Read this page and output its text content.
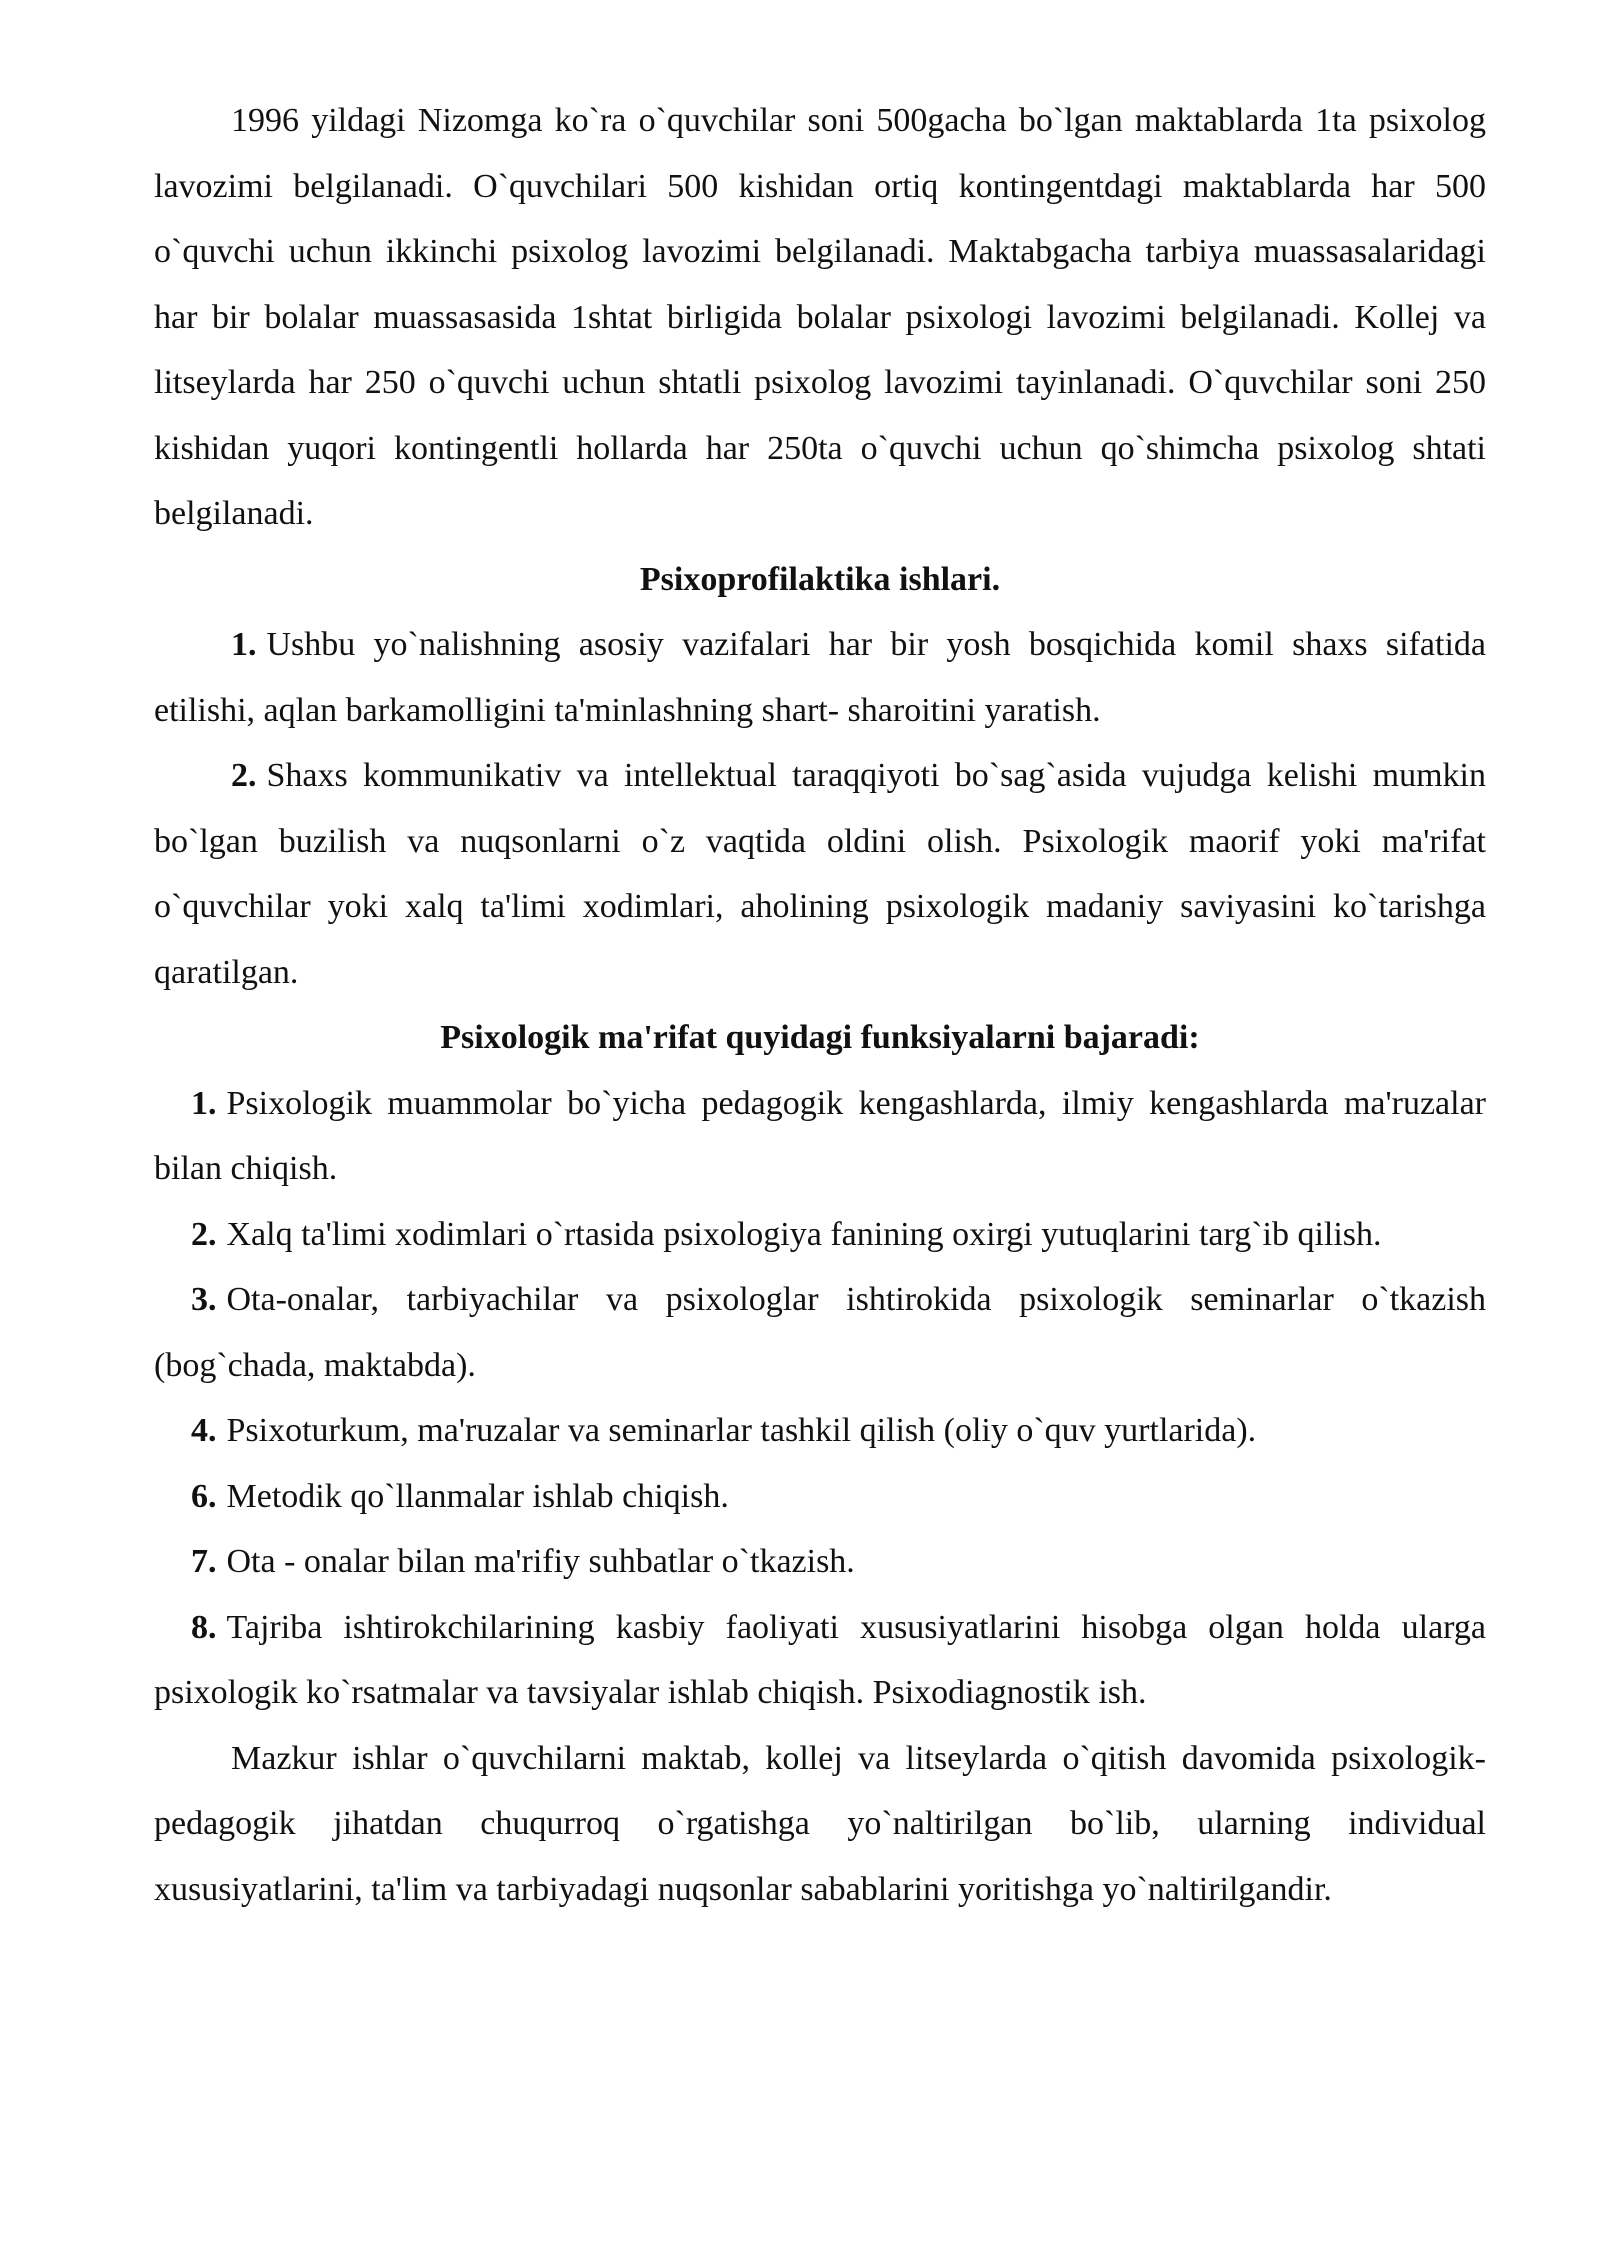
1996 yildagi Nizomga ko`ra o`quvchilar soni 500gacha bo`lgan maktablarda 1ta psixolog lavozimi belgilanadi. O`quvchilari 500 kishidan ortiq kontingentdagi maktablarda har 500 o`quvchi uchun ikkinchi psixolog lavozimi belgilanadi. Maktabgacha tarbiya muassasalaridagi har bir bolalar muassasasida 1shtat birligida bolalar psixologi lavozimi belgilanadi. Kollej va litseylarda har 250 o`quvchi uchun shtatli psixolog lavozimi tayinlanadi. O`quvchilar soni 250 kishidan yuqori kontingentli hollarda har 250ta o`quvchi uchun qo`shimcha psixolog shtati belgilanadi.

Psixoprofilaktika ishlari.

1. Ushbu yo`nalishning asosiy vazifalari har bir yosh bosqichida komil shaxs sifatida etilishi, aqlan barkamolligini ta'minlashning shart- sharoitini yaratish.

2. Shaxs kommunikativ va intellektual taraqqiyoti bo`sag`asida vujudga kelishi mumkin bo`lgan buzilish va nuqsonlarni o`z vaqtida oldini olish. Psixologik maorif yoki ma'rifat o`quvchilar yoki xalq ta'limi xodimlari, aholining psixologik madaniy saviyasini ko`tarishga qaratilgan.

Psixologik ma'rifat quyidagi funksiyalarni bajaradi:

1. Psixologik muammolar bo`yicha pedagogik kengashlarda, ilmiy kengashlarda ma'ruzalar bilan chiqish.

2. Xalq ta'limi xodimlari o`rtasida psixologiya fanining oxirgi yutuqlarini targ`ib qilish.

3. Ota-onalar, tarbiyachilar va psixologlar ishtirokida psixologik seminarlar o`tkazish (bog`chada, maktabda).

4. Psixoturkum, ma'ruzalar va seminarlar tashkil qilish (oliy o`quv yurtlarida).

6. Metodik qo`llanmalar ishlab chiqish.

7. Ota - onalar bilan ma'rifiy suhbatlar o`tkazish.

8. Tajriba ishtirokchilarining kasbiy faoliyati xususiyatlarini hisobga olgan holda ularga psixologik ko`rsatmalar va tavsiyalar ishlab chiqish. Psixodiagnostik ish.

Mazkur ishlar o`quvchilarni maktab, kollej va litseylarda o`qitish davomida psixologik-pedagogik jihatdan chuqurroq o`rgatishga yo`naltirilgan bo`lib, ularning individual xususiyatlarini, ta'lim va tarbiyadagi nuqsonlar sabablarini yoritishga yo`naltirilgandir.
